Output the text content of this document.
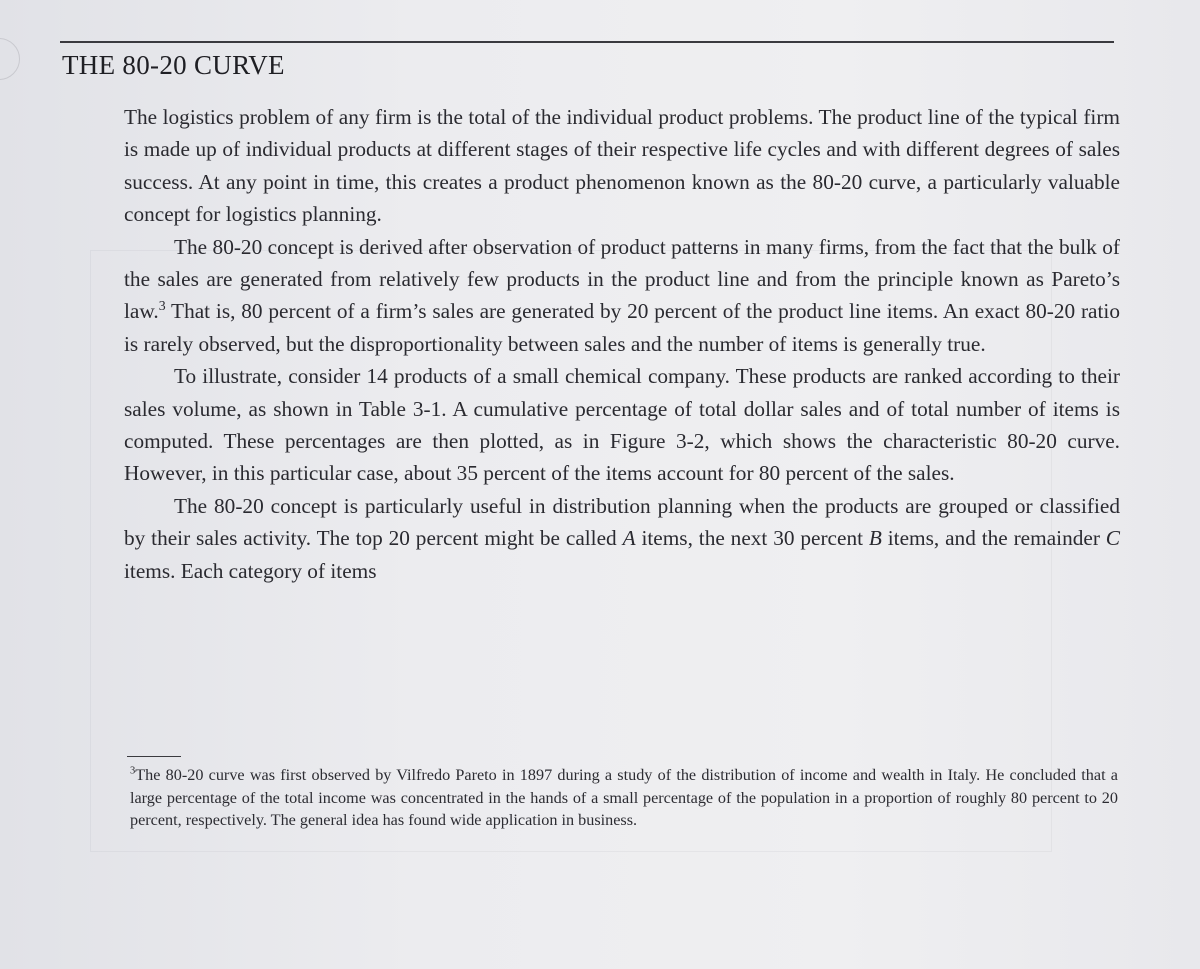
THE 80-20 CURVE

The logistics problem of any firm is the total of the individual product problems. The product line of the typical firm is made up of individual products at different stages of their respective life cycles and with different degrees of sales success. At any point in time, this creates a product phenomenon known as the 80-20 curve, a particularly valuable concept for logistics planning.

The 80-20 concept is derived after observation of product patterns in many firms, from the fact that the bulk of the sales are generated from relatively few products in the product line and from the principle known as Pareto’s law.$^3$ That is, 80 percent of a firm’s sales are generated by 20 percent of the product line items. An exact 80-20 ratio is rarely observed, but the disproportionality between sales and the number of items is generally true.

To illustrate, consider 14 products of a small chemical company. These products are ranked according to their sales volume, as shown in Table 3-1. A cumulative percentage of total dollar sales and of total number of items is computed. These percentages are then plotted, as in Figure 3-2, which shows the characteristic 80-20 curve. However, in this particular case, about 35 percent of the items account for 80 percent of the sales.

The 80-20 concept is particularly useful in distribution planning when the products are grouped or classified by their sales activity. The top 20 percent might be called A items, the next 30 percent B items, and the remainder C items. Each category of items

$^3$The 80-20 curve was first observed by Vilfredo Pareto in 1897 during a study of the distribution of income and wealth in Italy. He concluded that a large percentage of the total income was concentrated in the hands of a small percentage of the population in a proportion of roughly 80 percent to 20 percent, respectively. The general idea has found wide application in business.
